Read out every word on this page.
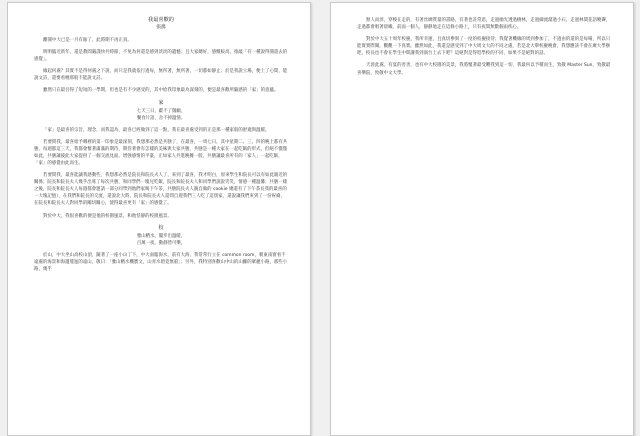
我最喜歡的

張鴻

離開中大已是一月有餘了，此時期不再正真。

明明臨近新年，還是教間嚴謹快共時節，不免為何還是感到淡淡的遺憾；且大家總好，感慨較高，推敲「有一種說得開還去的感覺」。

緣起何處？其實不是得何處之下說，而只是我就依行過每，無所著，無所著，一切都如靜止；於是我說立場，便上了心間，能說文詩，還要看她那般不能說文詩。

雖然只在最吾得了短短的一學期，但也是有不少感受的，其中給我印象最為深刻的，便是最喜歡所隨感的「家」的意蘊。

家

七天三日，獻不了闊顧，

餐食片語，舍不掉溫情。

「家」是最喜的宗旨，理念，而我認為，最喜已經做到了這一點，我在最喜處受到的正是那一種家般的舒適與溫暖。

若要問我，最喜給予哪裡的第一印象是最深刻，我想那必然是共膳了，在最喜，一周七日，其中星期二、三、四的晚上都有共膳，每週都這三天，我都會懷著滿滿的期待，期待著會有怎樣的美味與大家共膳，共膳是一種大家在一起吃飯的形式，但絕不僅僅如此，共膳讓彼此大家提供了一個交流見面、增強感情的平臺，正如家人共進晚餐一般，共膳讓最喜所有的「家人」一起吃飯，「家」的感覺由此而生。

若要問我，最喜能讓我感動些，我想那必然是院長和院長夫人了，來到了最喜，我才明白，原來學生和院長可以有如此親近的關係；院長和院長夫人幾乎出席了每次共膳，和同學們一塊兒吃飯，院長和院長夫人和同學們說說笑笑，情感一種溫馨；共膳一樣之後，院長和院長夫人每週都會邀請一部分同學到他們家喝下午茶，共膳院長夫人親自做的 cookie 總還有了下午茶長我的最喜的一大塊記憶），在我們和院長的交流，還說北大時，院長和院長夫人還問自週我們三人吃了這別家，還說讓我們來到了一份祝禱，在院長和院長夫人對同學的關切關心，使得最喜更有「家」的感覺了。

對於中大，我很喜歡的便是他的校園風景，和他恬靜的校園風景。

校

雅山精水，閣步出溫暖，

百萬一夜，動靜皆可樂。

於山，中大坐山高校山頂，隨著了一座小山丁下，中大面臨海水，前有大海，我常常行立在 common room，朝東南窗看不遠處的海景和海邊逶迤的遠山，敬曰：「雅山精水機寶文，山青水碧竟無窮」；另外，我特別喜歡山中山的山腳的眾麗小路，那些小路，幾乎

無人而淳，穿梭在走的，有著丝綢質量的書路，有著也許常恩，走過幽光透過樹林，走過細流潺過小石，走過林間花語曉霽，走過都會唱著晨曦，前面一個人，靜靜地走在這條小路上，只有夜間無數個雨疾心。

對於中大五十周年校慶，我所幸運，且真切參與了一度的校慶接待；我覺著機緣的周到參加了，不過由的還的是每場，所以只能實實際閱，觀觀一下真實。雖然如此，我還是感受到了中大周文大的不同之處，若是北大舉校慶晚會，我想應該不會在廣大學辦吧，校長也不會在學生中間講我到演台上去下吧？這絕對是得逛學校的不同，如果不是絕對的話。

天涯此處，有宴的善善，也有中大校園的美景，我將懷著最受難我到這一切，我最何以予積而生，致敬 Master Sun，致敬最喜樂院，致敬中文大學。
